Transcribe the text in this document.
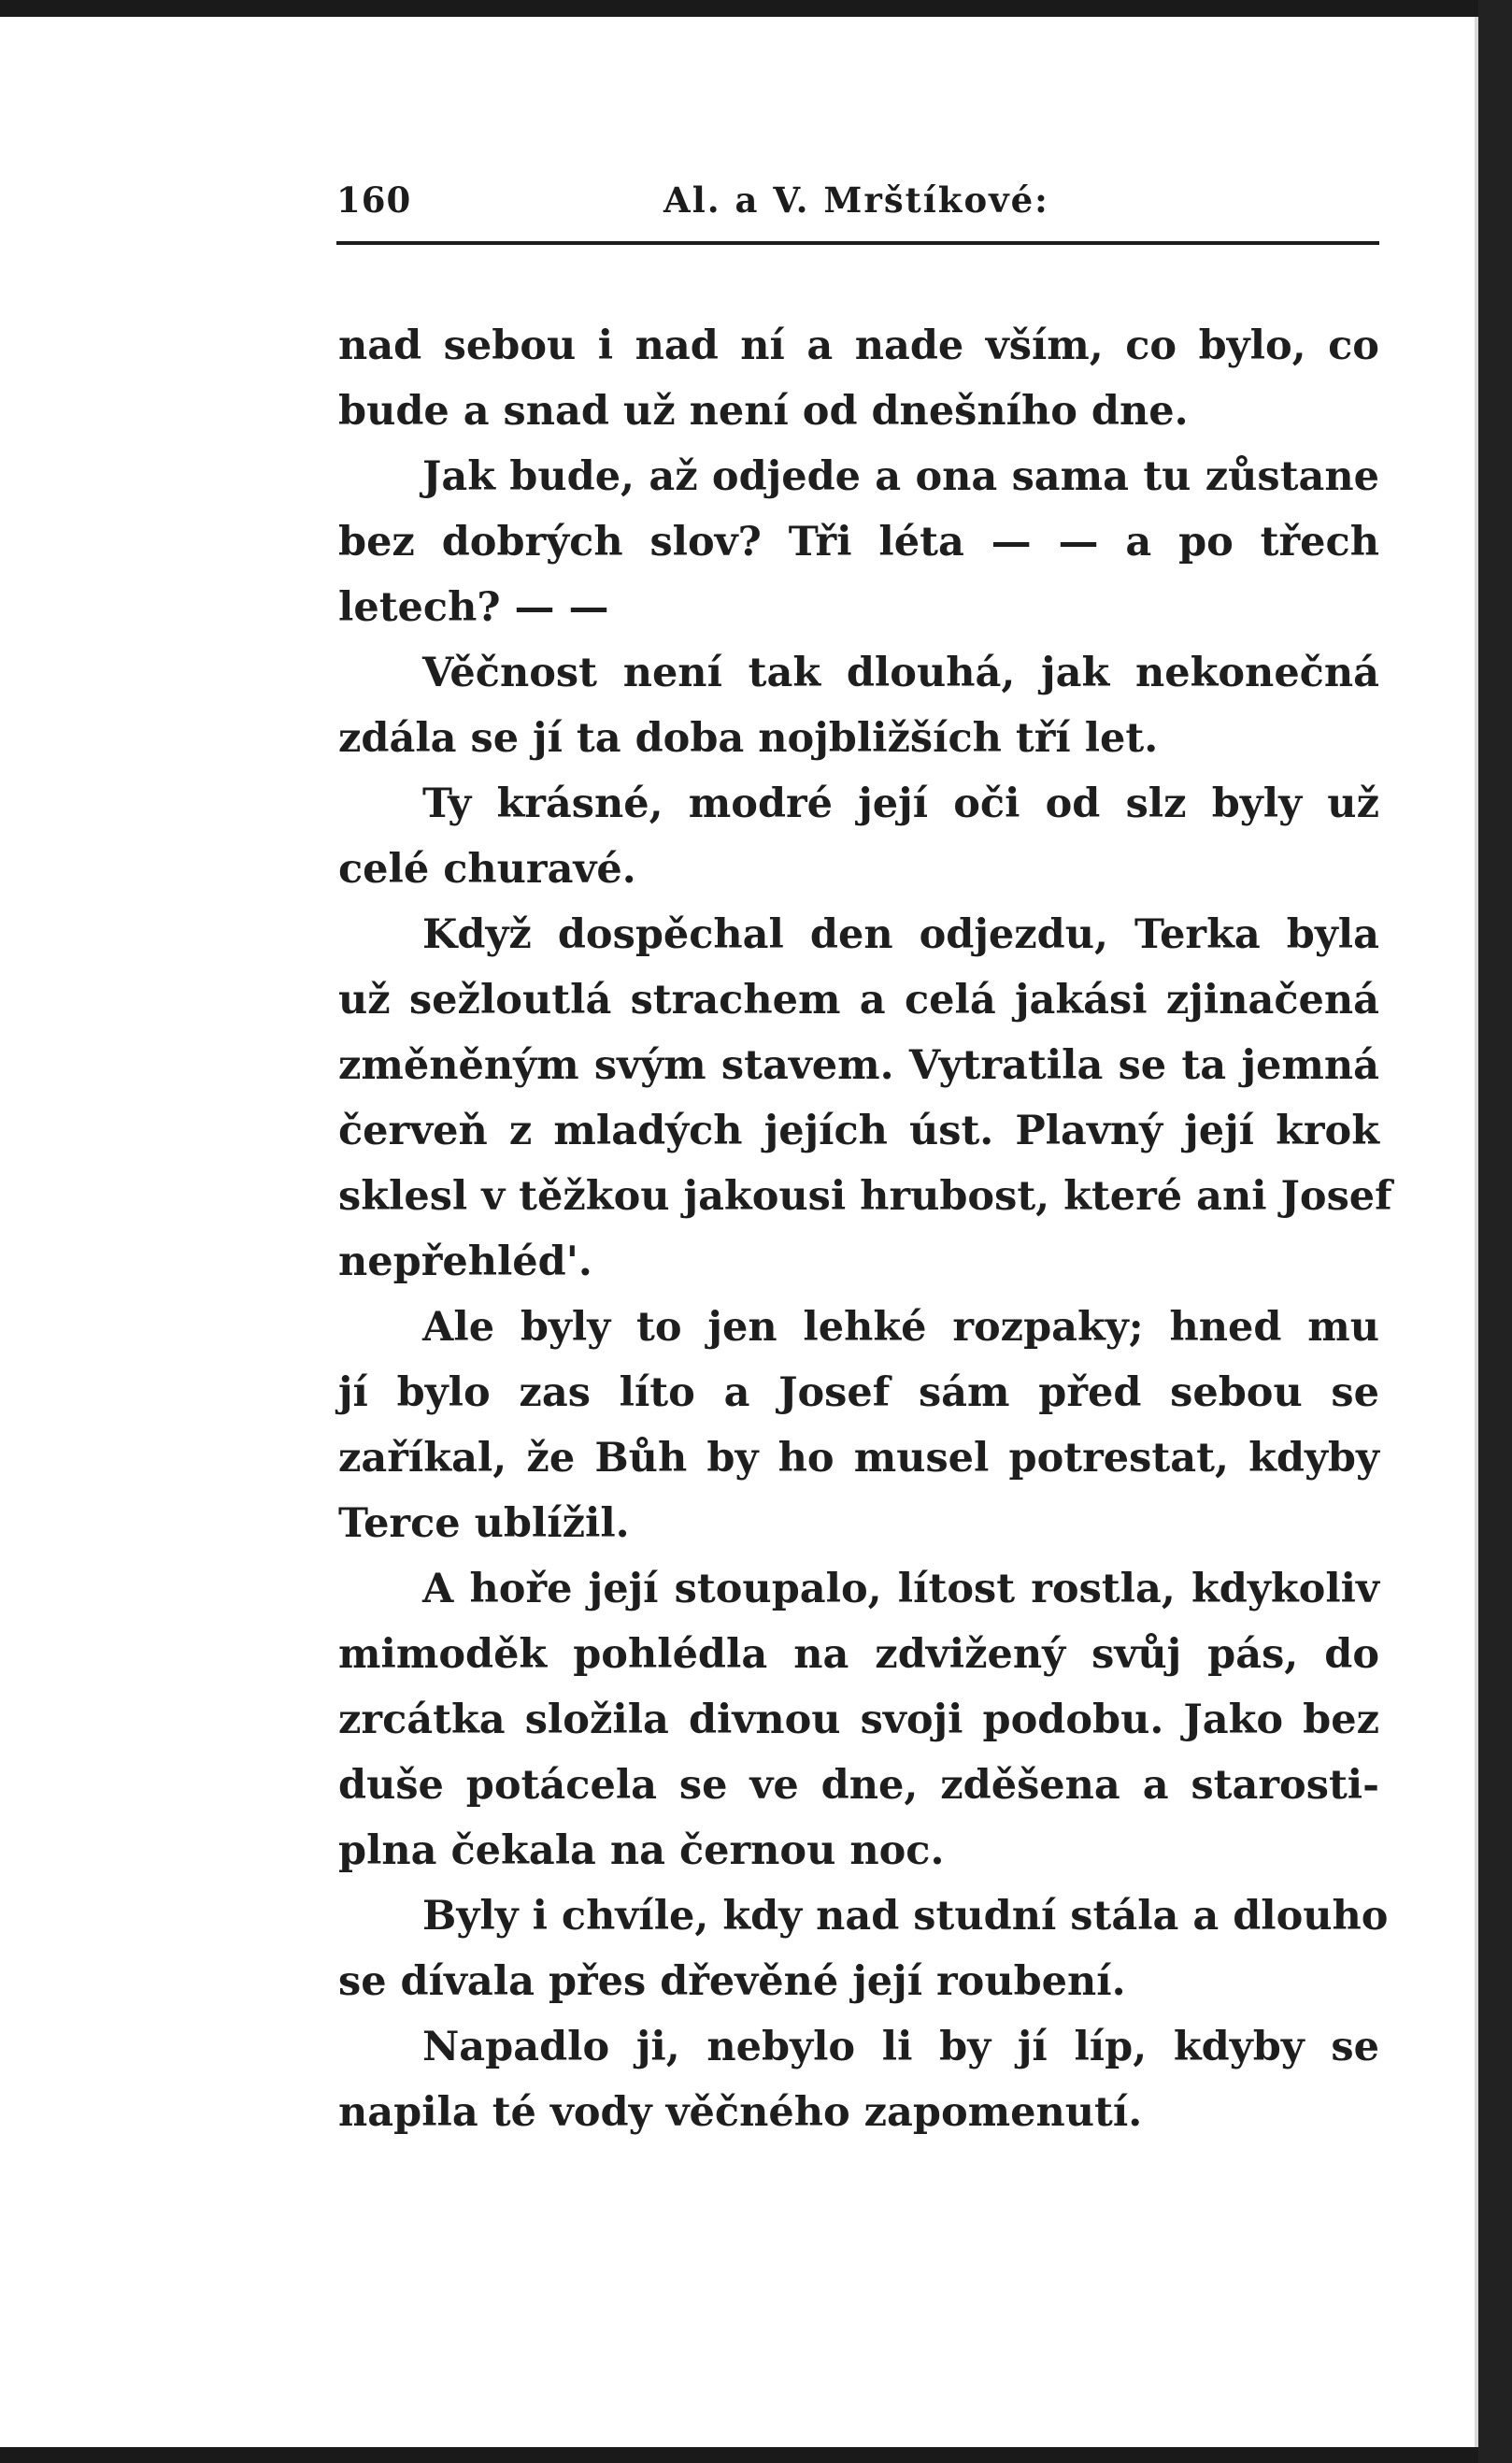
160	Al. a V. Mrštíkové:
nad sebou i nad ní a nade vším, co bylo, co
bude a snad už není od dnešního dne.
Jak bude, až odjede a ona sama tu zůstane
bez dobrých slov? Tři léta — — a po třech
letech? — —
Věčnost není tak dlouhá, jak nekonečná
zdála se jí ta doba nojbližších tří let.
Ty krásné, modré její oči od slz byly už
celé churavé.
Když dospěchal den odjezdu, Terka byla
už sežloutlá strachem a celá jakási zjinačená
změněným svým stavem. Vytratila se ta jemná
červeň z mladých jejích úst. Plavný její krok
sklesl v těžkou jakousi hrubost, které ani Josef
nepřehléd'.
Ale byly to jen lehké rozpaky; hned mu
jí bylo zas líto a Josef sám před sebou se
zaříkal, že Bůh by ho musel potrestat, kdyby
Terce ublížil.
A hoře její stoupalo, lítost rostla, kdykoliv
mimoděk pohlédla na zdvižený svůj pás, do
zrcátka složila divnou svoji podobu. Jako bez
duše potácela se ve dne, zděšena a starosti-
plna čekala na černou noc.
Byly i chvíle, kdy nad studní stála a dlouho
se dívala přes dřevěné její roubení.
Napadlo ji, nebylo li by jí líp, kdyby se
napila té vody věčného zapomenutí.
